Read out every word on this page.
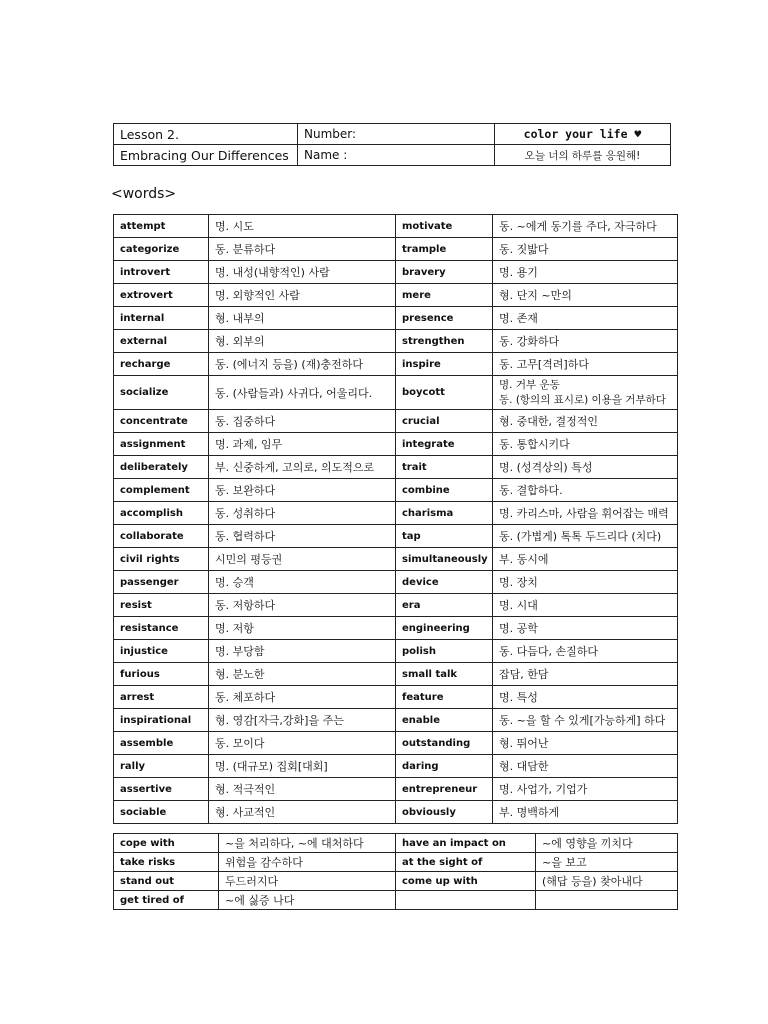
Lesson 2.	Number:	color your life ♥
Embracing Our Differences	Name :	오늘 너의 하루를 응원해!
<words>
attempt	명. 시도	motivate	동. ~에게 동기를 주다, 자극하다
categorize	동. 분류하다	trample	동. 짓밟다
introvert	명. 내성(내향적인) 사람	bravery	명. 용기
extrovert	명. 외향적인 사람	mere	형. 단지 ~만의
internal	형. 내부의	presence	명. 존재
external	형. 외부의	strengthen	동. 강화하다
recharge	동. (에너지 등을) (재)충전하다	inspire	동. 고무[격려]하다
socialize	동. (사람들과) 사귀다, 어울리다.	boycott	명. 거부 운동
동. (항의의 표시로) 이용을 거부하다

concentrate	동. 집중하다	crucial	형. 중대한, 결정적인
assignment	명. 과제, 임무	integrate	동. 통합시키다
deliberately	부. 신중하게, 고의로, 의도적으로	trait	명. (성격상의) 특성
complement	동. 보완하다	combine	동. 결합하다.
accomplish	동. 성취하다	charisma	명. 카리스마, 사람을 휘어잡는 매력
collaborate	동. 협력하다	tap	동. (가볍게) 톡톡 두드리다 (치다)
civil rights	시민의 평등권	simultaneously	부. 동시에
passenger	명. 승객	device	명. 장치
resist	동. 저항하다	era	명. 시대
resistance	명. 저항	engineering	명. 공학
injustice	명. 부당함	polish	동. 다듬다, 손질하다
furious	형. 분노한	small talk	잡담, 한담
arrest	동. 체포하다	feature	명. 특성
inspirational	형. 영감[자극,강화]을 주는	enable	동. ~을 할 수 있게[가능하게] 하다
assemble	동. 모이다	outstanding	형. 뛰어난
rally	명. (대규모) 집회[대회]	daring	형. 대담한
assertive	형. 적극적인	entrepreneur	명. 사업가, 기업가
sociable	형. 사교적인	obviously	부. 명백하게
cope with	~을 처리하다, ~에 대처하다	have an impact on	~에 영향을 끼치다
take risks	위험을 감수하다	at the sight of	~을 보고
stand out	두드러지다	come up with	(해답 등을) 찾아내다
get tired of	~에 싫증 나다		
